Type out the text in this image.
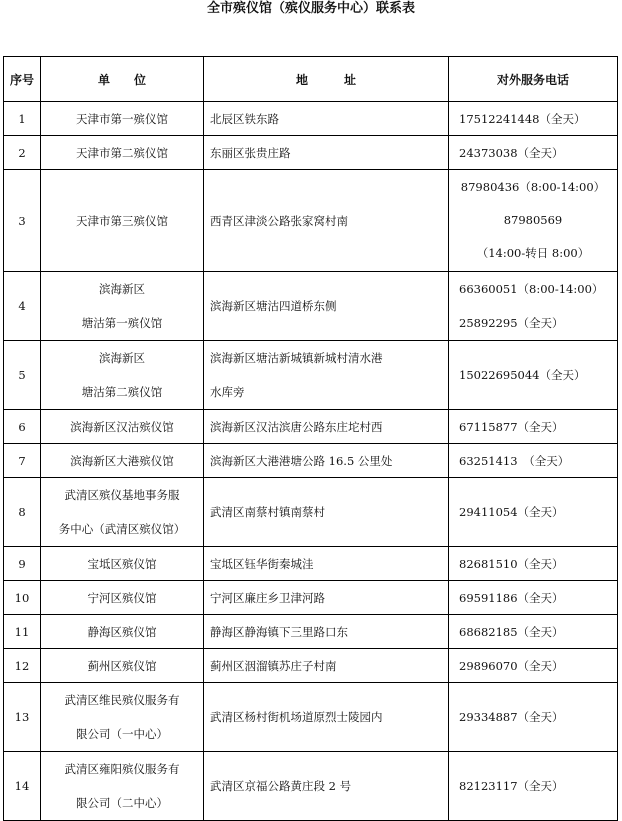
全市殡仪馆（殡仪服务中心）联系表
序号	单　　位	地　　　址	对外服务电话
1	天津市第一殡仪馆	北辰区铁东路	17512241448（全天）

2	天津市第二殡仪馆	东丽区张贵庄路	24373038（全天）

3	天津市第三殡仪馆	西青区津淡公路张家窝村南	87980436（8:00-14:00）
87980569
（14:00-转日 8:00）

4	滨海新区
塘沽第一殡仪馆	滨海新区塘沽四道桥东侧	66360051（8:00-14:00）
25892295（全天）

5	滨海新区
塘沽第二殡仪馆	滨海新区塘沽新城镇新城村清水港
水库旁	15022695044（全天）

6	滨海新区汉沽殡仪馆	滨海新区汉沽滨唐公路东庄坨村西	67115877（全天）

7	滨海新区大港殡仪馆	滨海新区大港港塘公路 16.5 公里处	63251413　（全天）

8	武清区殡仪基地事务服
务中心（武清区殡仪馆）	武清区南蔡村镇南蔡村	29411054（全天）

9	宝坻区殡仪馆	宝坻区钰华街秦城洼	82681510（全天）

10	宁河区殡仪馆	宁河区廉庄乡卫津河路	69591186（全天）

11	静海区殡仪馆	静海区静海镇下三里路口东	68682185（全天）

12	蓟州区殡仪馆	蓟州区洇溜镇苏庄子村南	29896070（全天）

13	武清区维民殡仪服务有
限公司（一中心）	武清区杨村街机场道原烈士陵园内	29334887（全天）

14	武清区雍阳殡仪服务有
限公司（二中心）	武清区京福公路黄庄段 2 号	82123117（全天）
